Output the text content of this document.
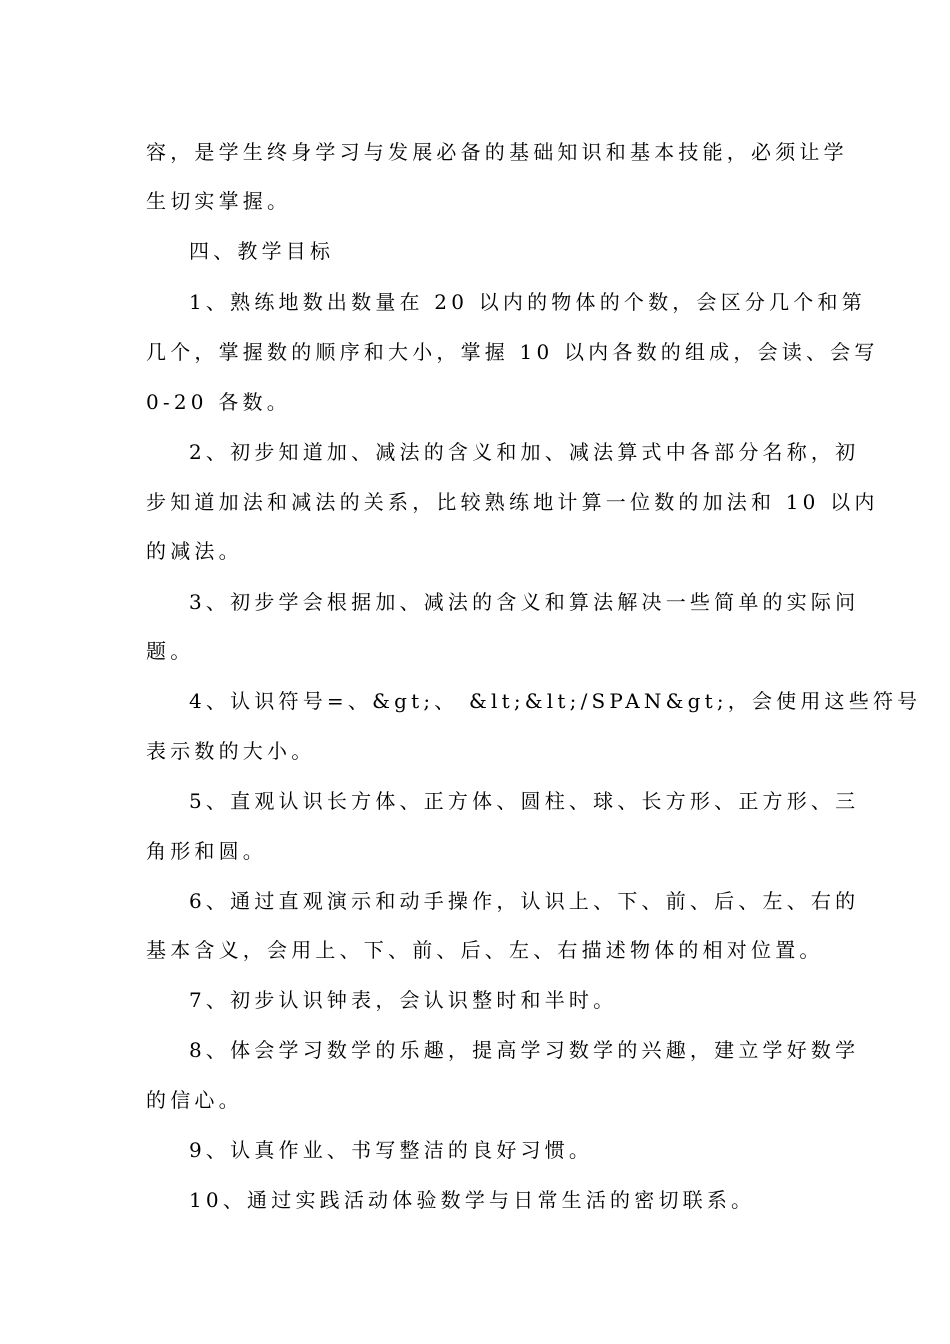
容，是学生终身学习与发展必备的基础知识和基本技能，必须让学
生切实掌握。
四、教学目标
1、熟练地数出数量在 20 以内的物体的个数，会区分几个和第
几个，掌握数的顺序和大小，掌握 10 以内各数的组成，会读、会写
0-20 各数。
2、初步知道加、减法的含义和加、减法算式中各部分名称，初
步知道加法和减法的关系，比较熟练地计算一位数的加法和 10 以内
的减法。
3、初步学会根据加、减法的含义和算法解决一些简单的实际问
题。
4、认识符号=、&gt;、 &lt;&lt;/SPAN&gt;，会使用这些符号
表示数的大小。
5、直观认识长方体、正方体、圆柱、球、长方形、正方形、三
角形和圆。
6、通过直观演示和动手操作，认识上、下、前、后、左、右的
基本含义，会用上、下、前、后、左、右描述物体的相对位置。
7、初步认识钟表，会认识整时和半时。
8、体会学习数学的乐趣，提高学习数学的兴趣，建立学好数学
的信心。
9、认真作业、书写整洁的良好习惯。
10、通过实践活动体验数学与日常生活的密切联系。
